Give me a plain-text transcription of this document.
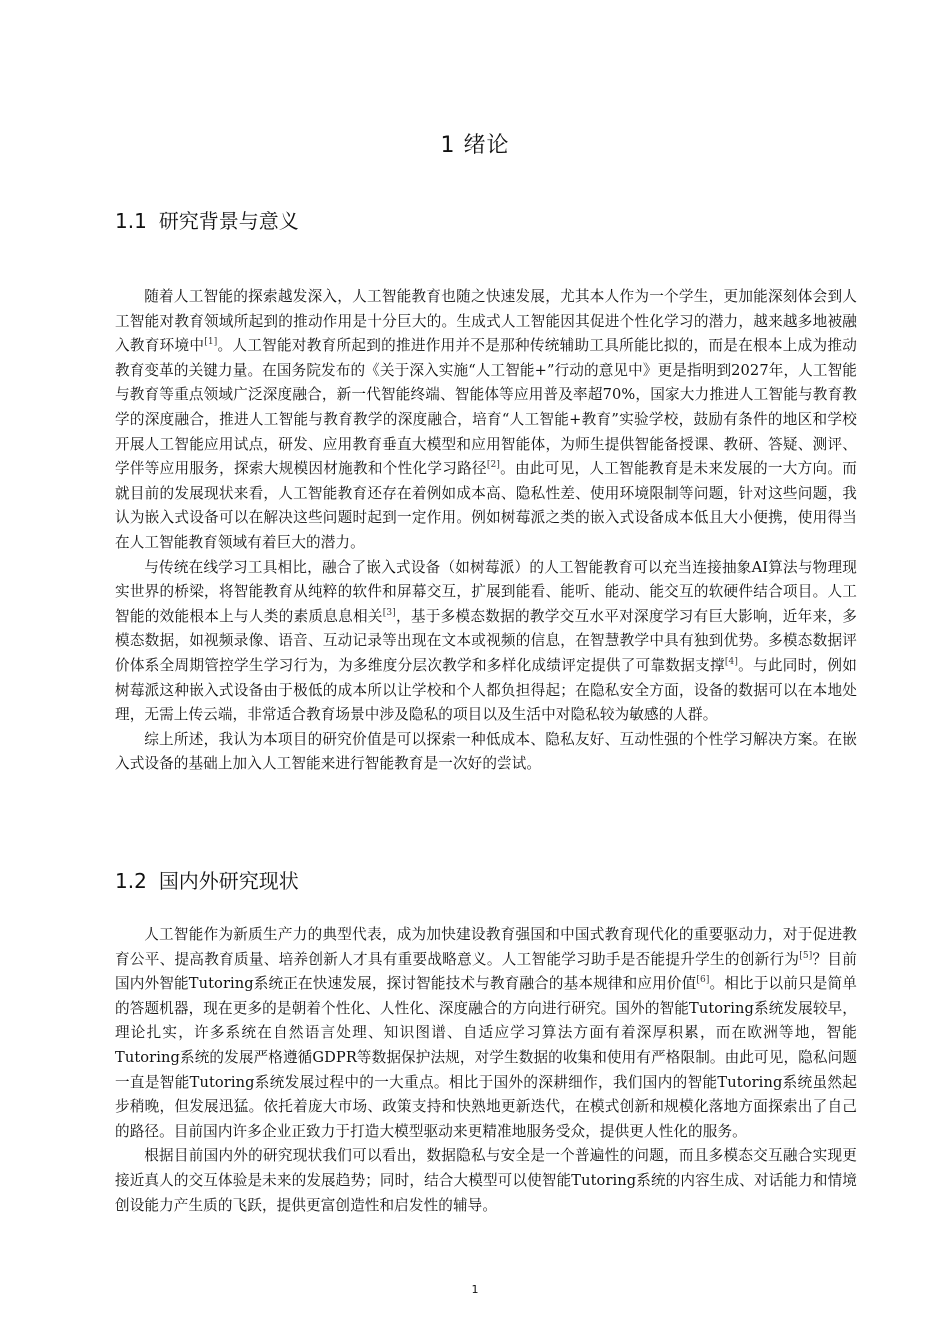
1 绪论
1.1 研究背景与意义

随着人工智能的探索越发深入，人工智能教育也随之快速发展，尤其本人作为一个学生，更加能深刻体会到人工智能对教育领域所起到的推动作用是十分巨大的。生成式人工智能因其促进个性化学习的潜力，越来越多地被融入教育环境中[1]。人工智能对教育所起到的推进作用并不是那种传统辅助工具所能比拟的，而是在根本上成为推动教育变革的关键力量。在国务院发布的《关于深入实施“人工智能+”行动的意见中》更是指明到2027年，人工智能与教育等重点领域广泛深度融合，新一代智能终端、智能体等应用普及率超70%，国家大力推进人工智能与教育教学的深度融合，推进人工智能与教育教学的深度融合，培育“人工智能+教育”实验学校，鼓励有条件的地区和学校开展人工智能应用试点，研发、应用教育垂直大模型和应用智能体，为师生提供智能备授课、教研、答疑、测评、学伴等应用服务，探索大规模因材施教和个性化学习路径[2]。由此可见，人工智能教育是未来发展的一大方向。而就目前的发展现状来看，人工智能教育还存在着例如成本高、隐私性差、使用环境限制等问题，针对这些问题，我认为嵌入式设备可以在解决这些问题时起到一定作用。例如树莓派之类的嵌入式设备成本低且大小便携，使用得当在人工智能教育领域有着巨大的潜力。

与传统在线学习工具相比，融合了嵌入式设备（如树莓派）的人工智能教育可以充当连接抽象AI算法与物理现实世界的桥梁，将智能教育从纯粹的软件和屏幕交互，扩展到能看、能听、能动、能交互的软硬件结合项目。人工智能的效能根本上与人类的素质息息相关[3]，基于多模态数据的教学交互水平对深度学习有巨大影响，近年来，多模态数据，如视频录像、语音、互动记录等出现在文本或视频的信息，在智慧教学中具有独到优势。多模态数据评价体系全周期管控学生学习行为，为多维度分层次教学和多样化成绩评定提供了可靠数据支撑[4]。与此同时，例如树莓派这种嵌入式设备由于极低的成本所以让学校和个人都负担得起；在隐私安全方面，设备的数据可以在本地处理，无需上传云端，非常适合教育场景中涉及隐私的项目以及生活中对隐私较为敏感的人群。

综上所述，我认为本项目的研究价值是可以探索一种低成本、隐私友好、互动性强的个性学习解决方案。在嵌入式设备的基础上加入人工智能来进行智能教育是一次好的尝试。

1.2 国内外研究现状

人工智能作为新质生产力的典型代表，成为加快建设教育强国和中国式教育现代化的重要驱动力，对于促进教育公平、提高教育质量、培养创新人才具有重要战略意义。人工智能学习助手是否能提升学生的创新行为[5]？目前国内外智能Tutoring系统正在快速发展，探讨智能技术与教育融合的基本规律和应用价值[6]。相比于以前只是简单的答题机器，现在更多的是朝着个性化、人性化、深度融合的方向进行研究。国外的智能Tutoring系统发展较早，理论扎实，许多系统在自然语言处理、知识图谱、自适应学习算法方面有着深厚积累，而在欧洲等地，智能Tutoring系统的发展严格遵循GDPR等数据保护法规，对学生数据的收集和使用有严格限制。由此可见，隐私问题一直是智能Tutoring系统发展过程中的一大重点。相比于国外的深耕细作，我们国内的智能Tutoring系统虽然起步稍晚，但发展迅猛。依托着庞大市场、政策支持和快熟地更新迭代，在模式创新和规模化落地方面探索出了自己的路径。目前国内许多企业正致力于打造大模型驱动来更精准地服务受众，提供更人性化的服务。

根据目前国内外的研究现状我们可以看出，数据隐私与安全是一个普遍性的问题，而且多模态交互融合实现更接近真人的交互体验是未来的发展趋势；同时，结合大模型可以使智能Tutoring系统的内容生成、对话能力和情境创设能力产生质的飞跃，提供更富创造性和启发性的辅导。

1
